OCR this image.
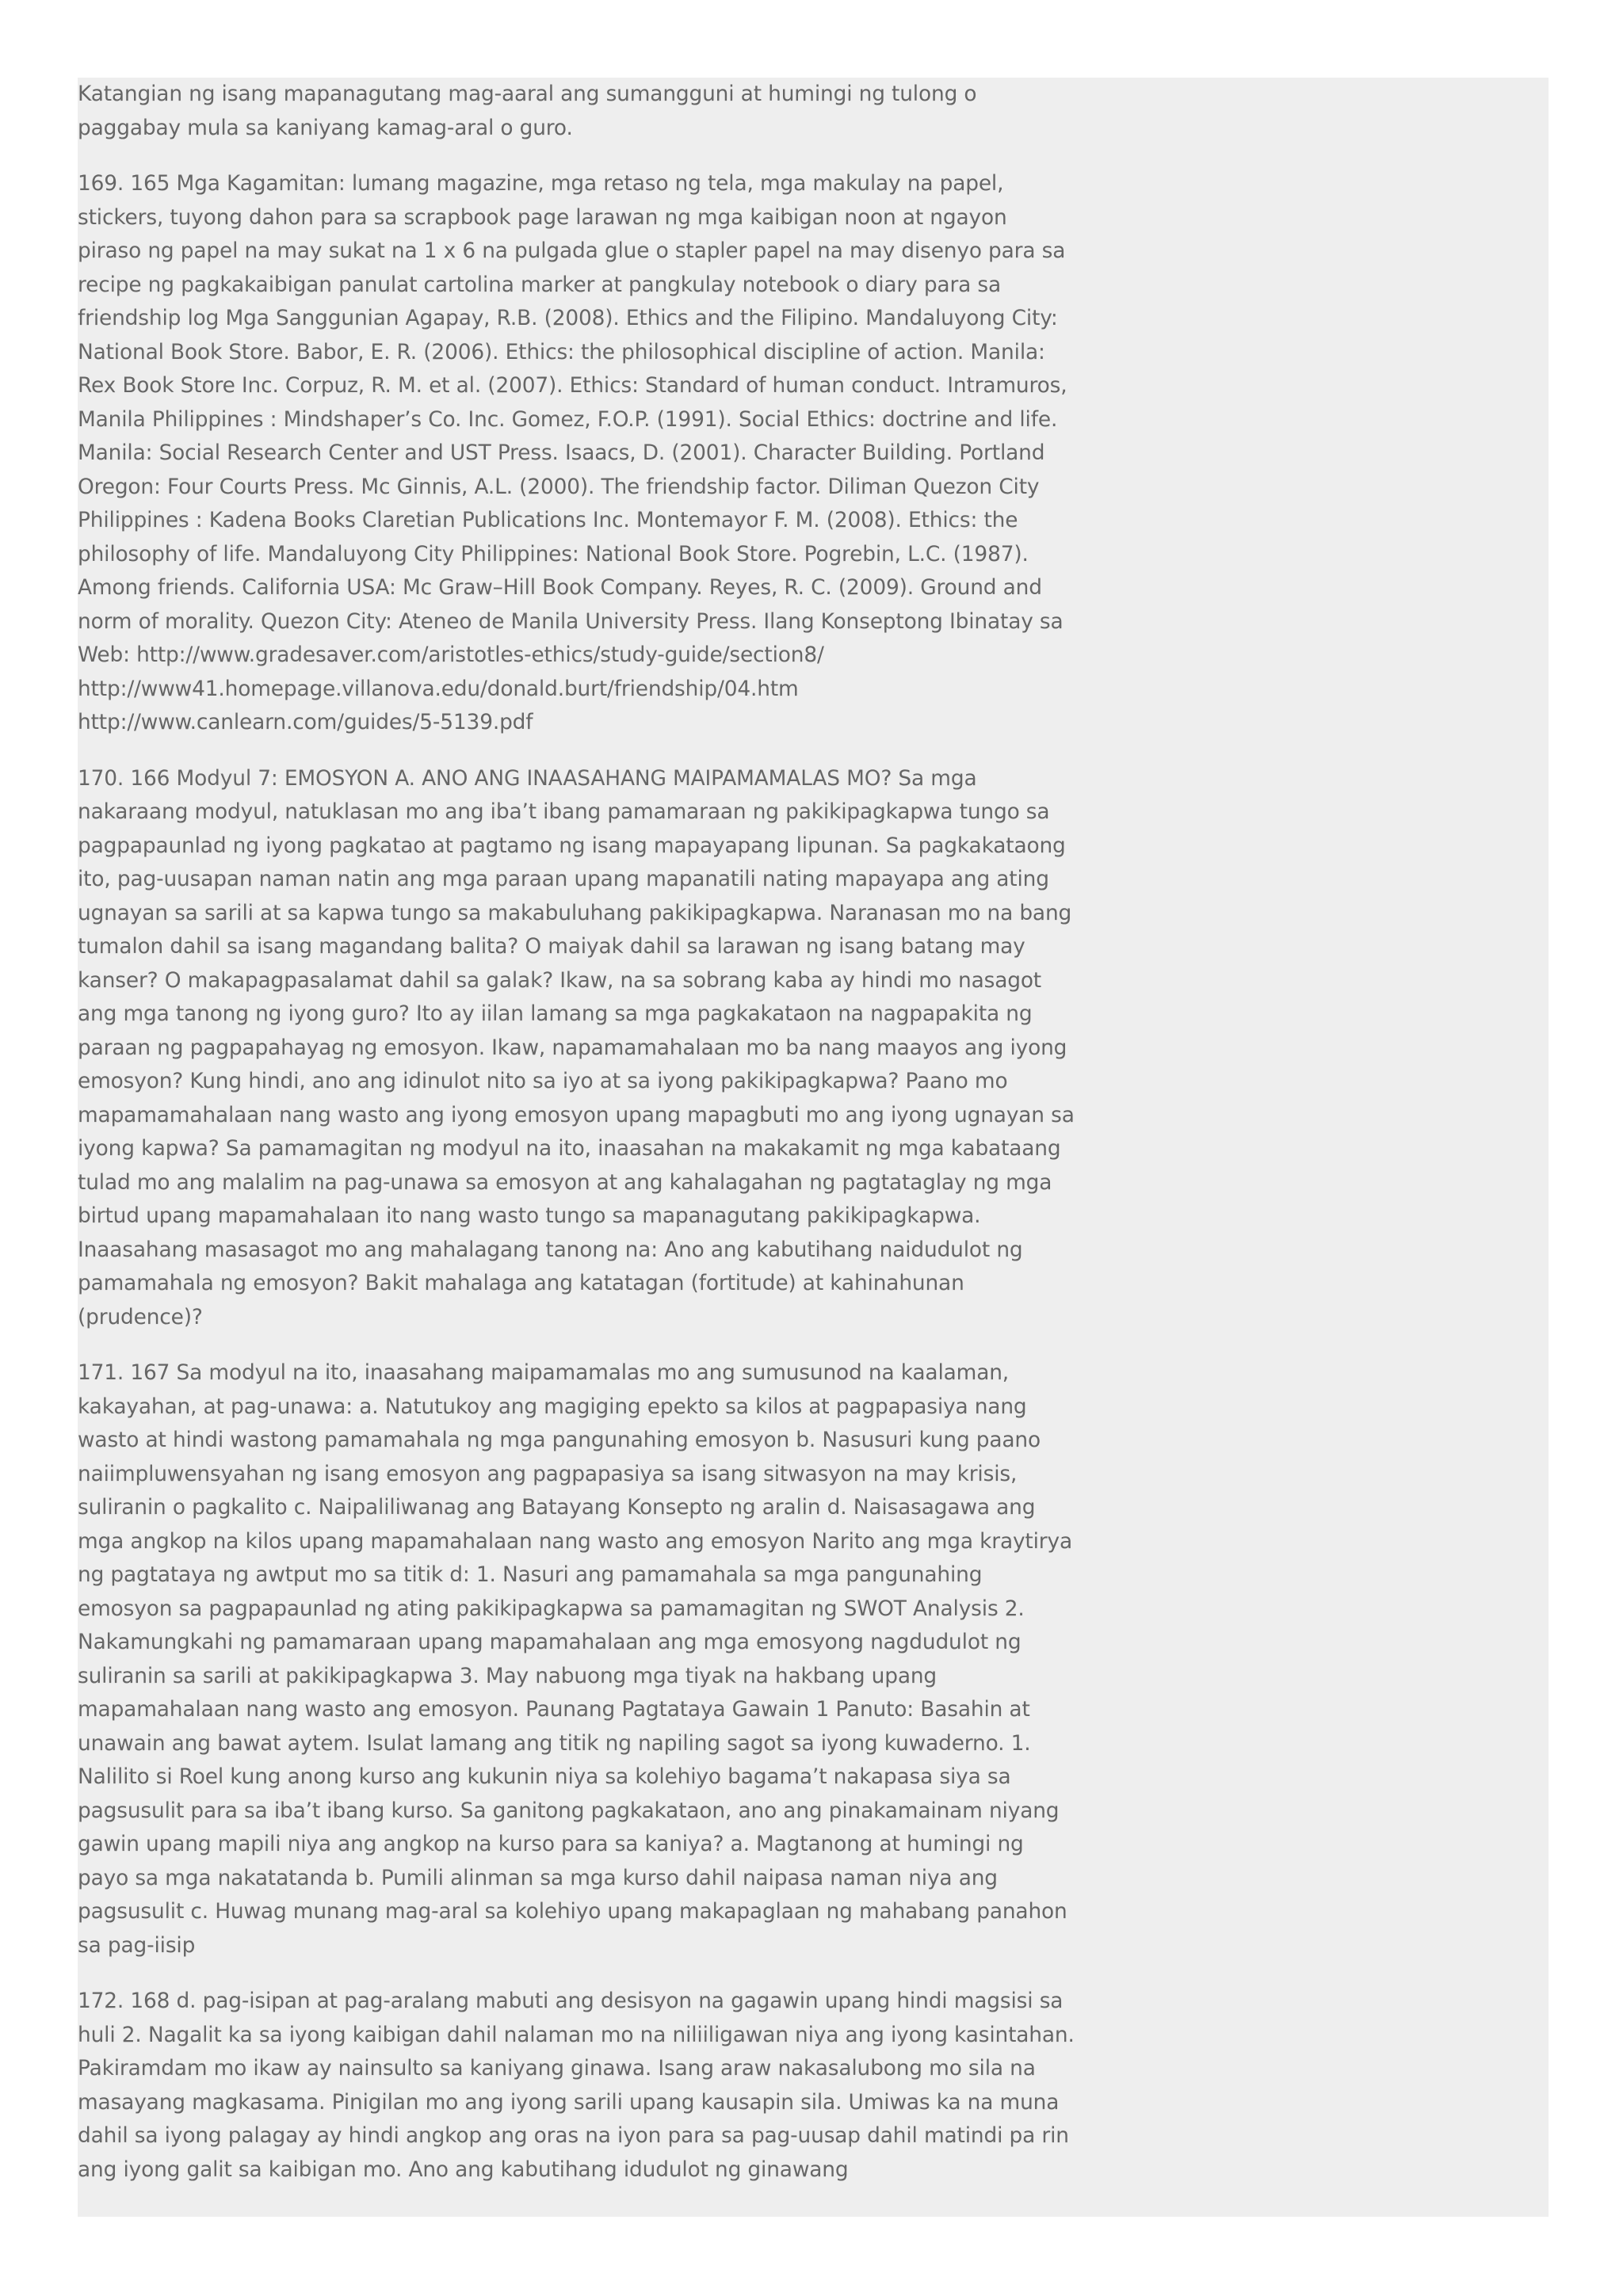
Katangian ng isang mapanagutang mag-aaral ang sumangguni at humingi ng tulong o paggabay mula sa kaniyang kamag-aral o guro.

169. 165 Mga Kagamitan: lumang magazine, mga retaso ng tela, mga makulay na papel, stickers, tuyong dahon para sa scrapbook page larawan ng mga kaibigan noon at ngayon piraso ng papel na may sukat na 1 x 6 na pulgada glue o stapler papel na may disenyo para sa recipe ng pagkakaibigan panulat cartolina marker at pangkulay notebook o diary para sa friendship log Mga Sanggunian Agapay, R.B. (2008). Ethics and the Filipino. Mandaluyong City: National Book Store. Babor, E. R. (2006). Ethics: the philosophical discipline of action. Manila: Rex Book Store Inc. Corpuz, R. M. et al. (2007). Ethics: Standard of human conduct. Intramuros, Manila Philippines : Mindshaper’s Co. Inc. Gomez, F.O.P. (1991). Social Ethics: doctrine and life. Manila: Social Research Center and UST Press. Isaacs, D. (2001). Character Building. Portland Oregon: Four Courts Press. Mc Ginnis, A.L. (2000). The friendship factor. Diliman Quezon City Philippines : Kadena Books Claretian Publications Inc. Montemayor F. M. (2008). Ethics: the philosophy of life. Mandaluyong City Philippines: National Book Store. Pogrebin, L.C. (1987). Among friends. California USA: Mc Graw–Hill Book Company. Reyes, R. C. (2009). Ground and norm of morality. Quezon City: Ateneo de Manila University Press. Ilang Konseptong Ibinatay sa Web: http://www.gradesaver.com/aristotles-ethics/study-guide/section8/ http://www41.homepage.villanova.edu/donald.burt/friendship/04.htm http://www.canlearn.com/guides/5-5139.pdf

170. 166 Modyul 7: EMOSYON A. ANO ANG INAASAHANG MAIPAMAMALAS MO? Sa mga nakaraang modyul, natuklasan mo ang iba’t ibang pamamaraan ng pakikipagkapwa tungo sa pagpapaunlad ng iyong pagkatao at pagtamo ng isang mapayapang lipunan. Sa pagkakataong ito, pag-uusapan naman natin ang mga paraan upang mapanatili nating mapayapa ang ating ugnayan sa sarili at sa kapwa tungo sa makabuluhang pakikipagkapwa. Naranasan mo na bang tumalon dahil sa isang magandang balita? O maiyak dahil sa larawan ng isang batang may kanser? O makapagpasalamat dahil sa galak? Ikaw, na sa sobrang kaba ay hindi mo nasagot ang mga tanong ng iyong guro? Ito ay iilan lamang sa mga pagkakataon na nagpapakita ng paraan ng pagpapahayag ng emosyon. Ikaw, napamamahalaan mo ba nang maayos ang iyong emosyon? Kung hindi, ano ang idinulot nito sa iyo at sa iyong pakikipagkapwa? Paano mo mapamamahalaan nang wasto ang iyong emosyon upang mapagbuti mo ang iyong ugnayan sa iyong kapwa? Sa pamamagitan ng modyul na ito, inaasahan na makakamit ng mga kabataang tulad mo ang malalim na pag-unawa sa emosyon at ang kahalagahan ng pagtataglay ng mga birtud upang mapamahalaan ito nang wasto tungo sa mapanagutang pakikipagkapwa. Inaasahang masasagot mo ang mahalagang tanong na: Ano ang kabutihang naidudulot ng pamamahala ng emosyon? Bakit mahalaga ang katatagan (fortitude) at kahinahunan (prudence)?

171. 167 Sa modyul na ito, inaasahang maipamamalas mo ang sumusunod na kaalaman, kakayahan, at pag-unawa: a. Natutukoy ang magiging epekto sa kilos at pagpapasiya nang wasto at hindi wastong pamamahala ng mga pangunahing emosyon b. Nasusuri kung paano naiimpluwensyahan ng isang emosyon ang pagpapasiya sa isang sitwasyon na may krisis, suliranin o pagkalito c. Naipaliliwanag ang Batayang Konsepto ng aralin d. Naisasagawa ang mga angkop na kilos upang mapamahalaan nang wasto ang emosyon Narito ang mga kraytirya ng pagtataya ng awtput mo sa titik d: 1. Nasuri ang pamamahala sa mga pangunahing emosyon sa pagpapaunlad ng ating pakikipagkapwa sa pamamagitan ng SWOT Analysis 2. Nakamungkahi ng pamamaraan upang mapamahalaan ang mga emosyong nagdudulot ng suliranin sa sarili at pakikipagkapwa 3. May nabuong mga tiyak na hakbang upang mapamahalaan nang wasto ang emosyon. Paunang Pagtataya Gawain 1 Panuto: Basahin at unawain ang bawat aytem. Isulat lamang ang titik ng napiling sagot sa iyong kuwaderno. 1. Nalilito si Roel kung anong kurso ang kukunin niya sa kolehiyo bagama’t nakapasa siya sa pagsusulit para sa iba’t ibang kurso. Sa ganitong pagkakataon, ano ang pinakamainam niyang gawin upang mapili niya ang angkop na kurso para sa kaniya? a. Magtanong at humingi ng payo sa mga nakatatanda b. Pumili alinman sa mga kurso dahil naipasa naman niya ang pagsusulit c. Huwag munang mag-aral sa kolehiyo upang makapaglaan ng mahabang panahon sa pag-iisip

172. 168 d. pag-isipan at pag-aralang mabuti ang desisyon na gagawin upang hindi magsisi sa huli 2. Nagalit ka sa iyong kaibigan dahil nalaman mo na niliiligawan niya ang iyong kasintahan. Pakiramdam mo ikaw ay nainsulto sa kaniyang ginawa. Isang araw nakasalubong mo sila na masayang magkasama. Pinigilan mo ang iyong sarili upang kausapin sila. Umiwas ka na muna dahil sa iyong palagay ay hindi angkop ang oras na iyon para sa pag-uusap dahil matindi pa rin ang iyong galit sa kaibigan mo. Ano ang kabutihang idudulot ng ginawang
